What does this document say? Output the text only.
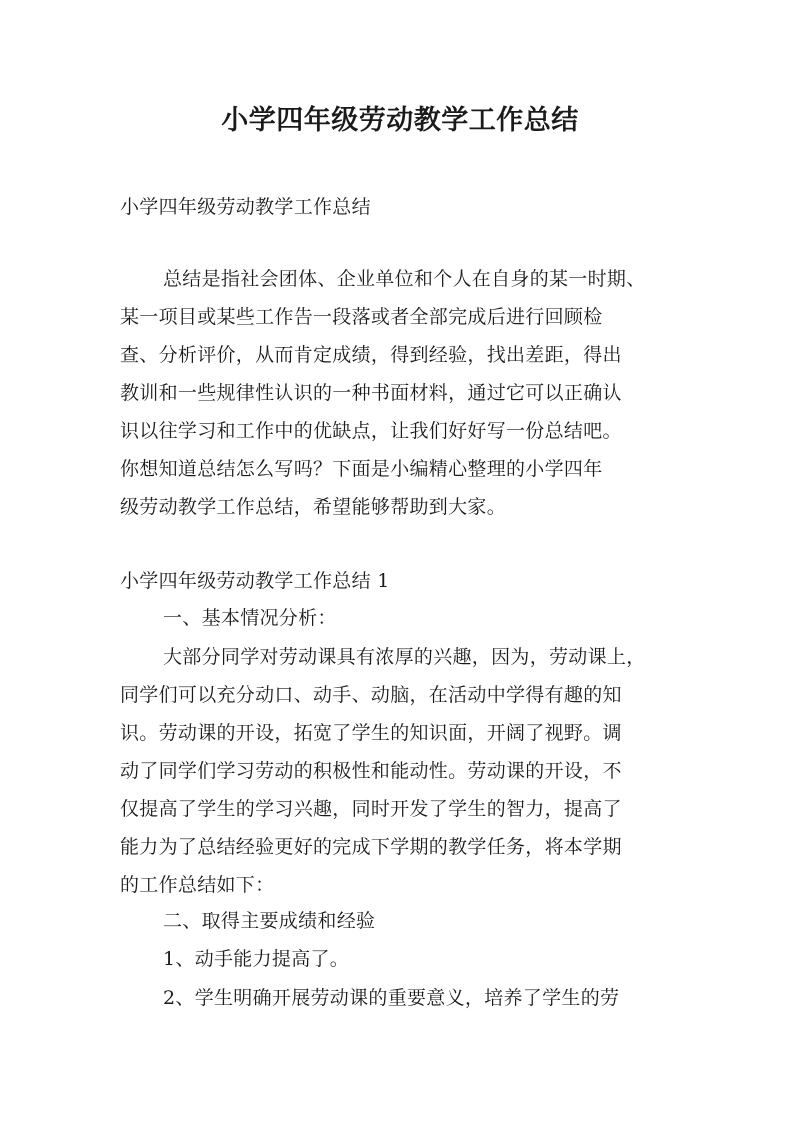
小学四年级劳动教学工作总结
小学四年级劳动教学工作总结
总结是指社会团体、企业单位和个人在自身的某一时期、
某一项目或某些工作告一段落或者全部完成后进行回顾检
查、分析评价，从而肯定成绩，得到经验，找出差距，得出
教训和一些规律性认识的一种书面材料，通过它可以正确认
识以往学习和工作中的优缺点，让我们好好写一份总结吧。
你想知道总结怎么写吗？下面是小编精心整理的小学四年
级劳动教学工作总结，希望能够帮助到大家。
小学四年级劳动教学工作总结 1
一、基本情况分析：
大部分同学对劳动课具有浓厚的兴趣，因为，劳动课上，
同学们可以充分动口、动手、动脑，在活动中学得有趣的知
识。劳动课的开设，拓宽了学生的知识面，开阔了视野。调
动了同学们学习劳动的积极性和能动性。劳动课的开设，不
仅提高了学生的学习兴趣，同时开发了学生的智力，提高了
能力为了总结经验更好的完成下学期的教学任务，将本学期
的工作总结如下：
二、取得主要成绩和经验
1、动手能力提高了。
2、学生明确开展劳动课的重要意义，培养了学生的劳
